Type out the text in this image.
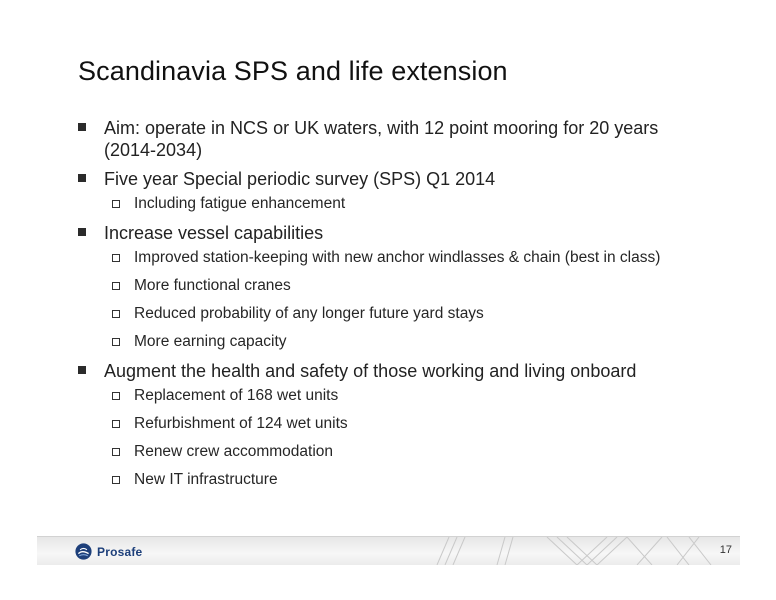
Scandinavia SPS and life extension
Aim: operate in NCS or UK waters, with 12 point mooring for 20 years (2014-2034)
Five year Special periodic survey (SPS) Q1 2014
Including fatigue enhancement
Increase vessel capabilities
Improved station-keeping with new anchor windlasses & chain (best in class)
More functional cranes
Reduced probability of any longer future yard stays
More earning capacity
Augment the health and safety of those working and living onboard
Replacement of 168 wet units
Refurbishment of 124 wet units
Renew crew accommodation
New IT infrastructure
Prosafe	17
